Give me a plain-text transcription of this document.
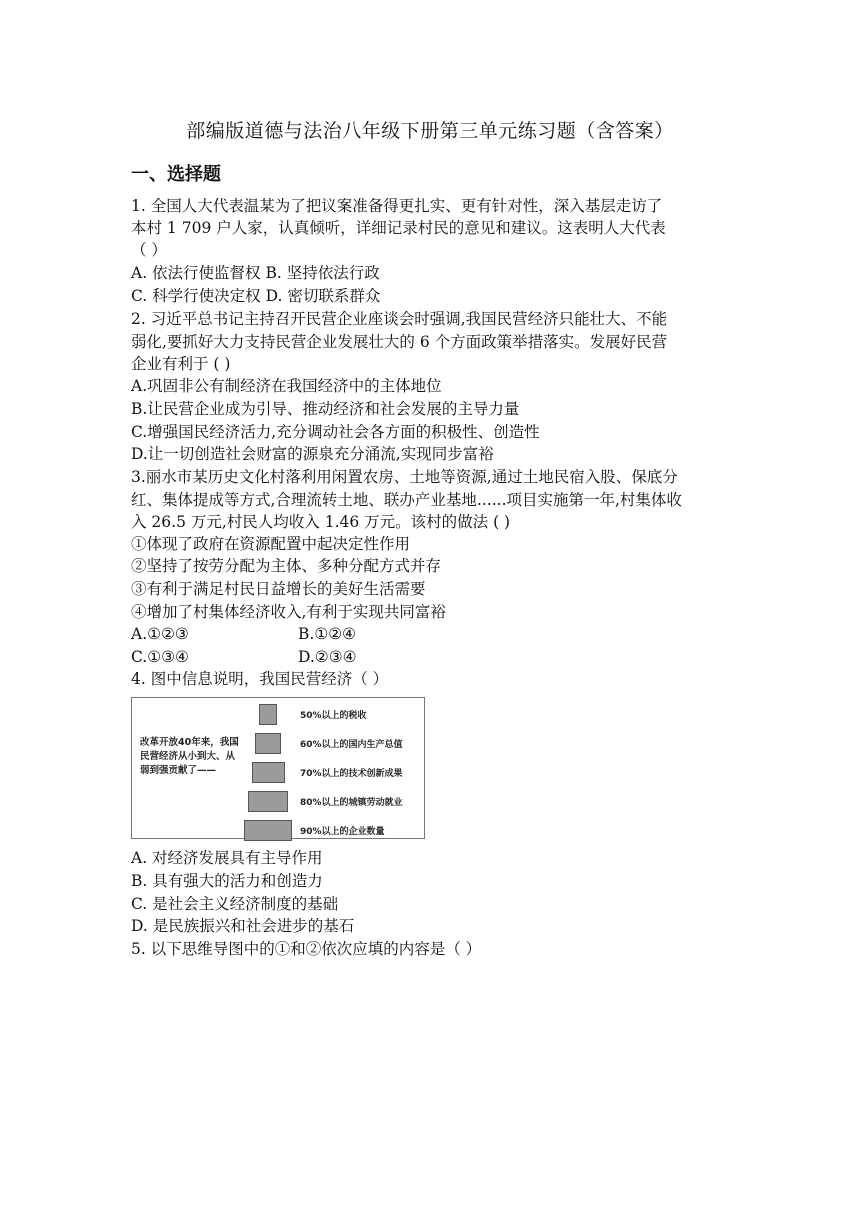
部编版道德与法治八年级下册第三单元练习题（含答案）
一、选择题
1. 全国人大代表温某为了把议案准备得更扎实、更有针对性，深入基层走访了
本村 1 709 户人家，认真倾听，详细记录村民的意见和建议。这表明人大代表
（ ）
A. 依法行使监督权 B. 坚持依法行政
C. 科学行使决定权 D. 密切联系群众
2. 习近平总书记主持召开民营企业座谈会时强调,我国民营经济只能壮大、不能
弱化,要抓好大力支持民营企业发展壮大的 6 个方面政策举措落实。发展好民营
企业有利于 ( )
A.巩固非公有制经济在我国经济中的主体地位
B.让民营企业成为引导、推动经济和社会发展的主导力量
C.增强国民经济活力,充分调动社会各方面的积极性、创造性
D.让一切创造社会财富的源泉充分涌流,实现同步富裕
3.丽水市某历史文化村落利用闲置农房、土地等资源,通过土地民宿入股、保底分
红、集体提成等方式,合理流转土地、联办产业基地......项目实施第一年,村集体收
入 26.5 万元,村民人均收入 1.46 万元。该村的做法 ( )
①体现了政府在资源配置中起决定性作用
②坚持了按劳分配为主体、多种分配方式并存
③有利于满足村民日益增长的美好生活需要
④增加了村集体经济收入,有利于实现共同富裕
A.①②③	B.①②④
C.①③④	D.②③④
4. 图中信息说明，我国民营经济（ ）
改革开放40年来，我国民营经济从小到大、从弱到强贡献了——
50%以上的税收
60%以上的国内生产总值
70%以上的技术创新成果
80%以上的城镇劳动就业
90%以上的企业数量
A. 对经济发展具有主导作用
B. 具有强大的活力和创造力
C. 是社会主义经济制度的基础
D. 是民族振兴和社会进步的基石
5. 以下思维导图中的①和②依次应填的内容是（ ）
